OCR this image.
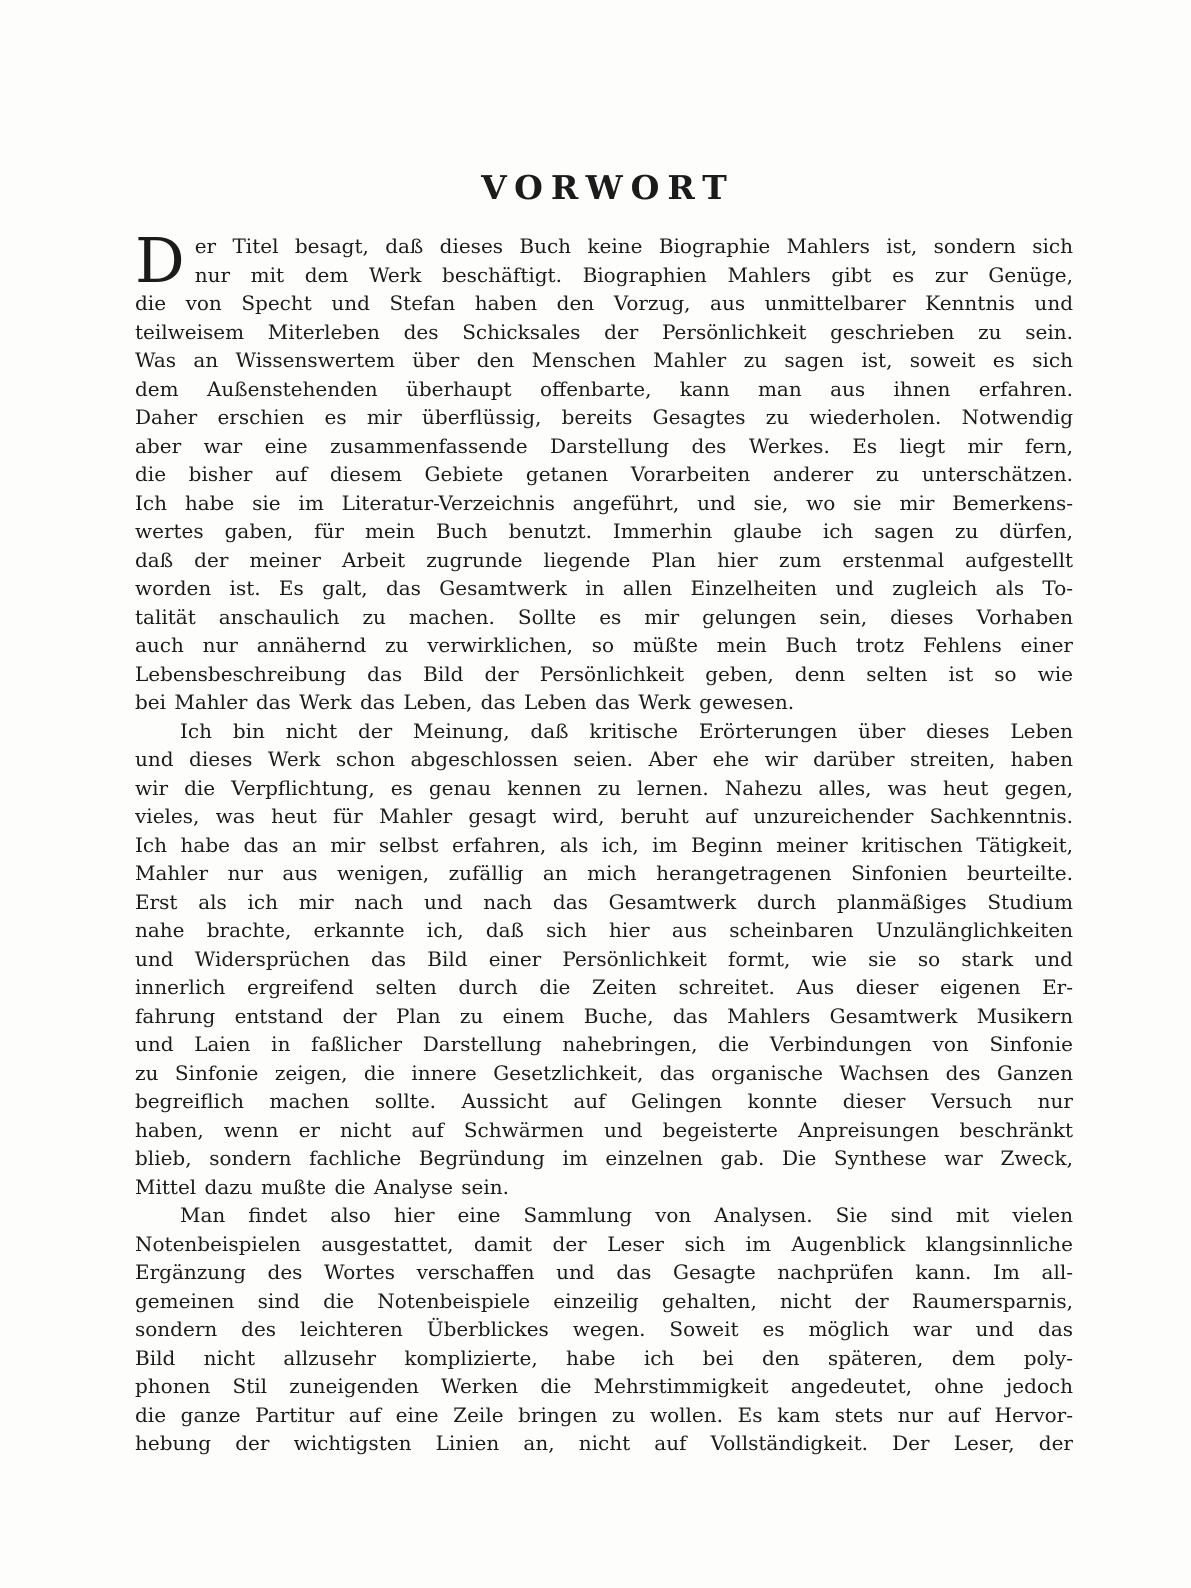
VORWORT
D er Titel besagt, daß dieses Buch keine Biographie Mahlers ist, sondern sich
nur mit dem Werk beschäftigt. Biographien Mahlers gibt es zur Genüge,
die von Specht und Stefan haben den Vorzug, aus unmittelbarer Kenntnis und
teilweisem Miterleben des Schicksales der Persönlichkeit geschrieben zu sein.
Was an Wissenswertem über den Menschen Mahler zu sagen ist, soweit es sich
dem Außenstehenden überhaupt offenbarte, kann man aus ihnen erfahren.
Daher erschien es mir überflüssig, bereits Gesagtes zu wiederholen. Notwendig
aber war eine zusammenfassende Darstellung des Werkes. Es liegt mir fern,
die bisher auf diesem Gebiete getanen Vorarbeiten anderer zu unterschätzen.
Ich habe sie im Literatur-Verzeichnis angeführt, und sie, wo sie mir Bemerkens-
wertes gaben, für mein Buch benutzt. Immerhin glaube ich sagen zu dürfen,
daß der meiner Arbeit zugrunde liegende Plan hier zum erstenmal aufgestellt
worden ist. Es galt, das Gesamtwerk in allen Einzelheiten und zugleich als To-
talität anschaulich zu machen. Sollte es mir gelungen sein, dieses Vorhaben
auch nur annähernd zu verwirklichen, so müßte mein Buch trotz Fehlens einer
Lebensbeschreibung das Bild der Persönlichkeit geben, denn selten ist so wie
bei Mahler das Werk das Leben, das Leben das Werk gewesen.
Ich bin nicht der Meinung, daß kritische Erörterungen über dieses Leben
und dieses Werk schon abgeschlossen seien. Aber ehe wir darüber streiten, haben
wir die Verpflichtung, es genau kennen zu lernen. Nahezu alles, was heut gegen,
vieles, was heut für Mahler gesagt wird, beruht auf unzureichender Sachkenntnis.
Ich habe das an mir selbst erfahren, als ich, im Beginn meiner kritischen Tätigkeit,
Mahler nur aus wenigen, zufällig an mich herangetragenen Sinfonien beurteilte.
Erst als ich mir nach und nach das Gesamtwerk durch planmäßiges Studium
nahe brachte, erkannte ich, daß sich hier aus scheinbaren Unzulänglichkeiten
und Widersprüchen das Bild einer Persönlichkeit formt, wie sie so stark und
innerlich ergreifend selten durch die Zeiten schreitet. Aus dieser eigenen Er-
fahrung entstand der Plan zu einem Buche, das Mahlers Gesamtwerk Musikern
und Laien in faßlicher Darstellung nahebringen, die Verbindungen von Sinfonie
zu Sinfonie zeigen, die innere Gesetzlichkeit, das organische Wachsen des Ganzen
begreiflich machen sollte. Aussicht auf Gelingen konnte dieser Versuch nur
haben, wenn er nicht auf Schwärmen und begeisterte Anpreisungen beschränkt
blieb, sondern fachliche Begründung im einzelnen gab. Die Synthese war Zweck,
Mittel dazu mußte die Analyse sein.
Man findet also hier eine Sammlung von Analysen. Sie sind mit vielen
Notenbeispielen ausgestattet, damit der Leser sich im Augenblick klangsinnliche
Ergänzung des Wortes verschaffen und das Gesagte nachprüfen kann. Im all-
gemeinen sind die Notenbeispiele einzeilig gehalten, nicht der Raumersparnis,
sondern des leichteren Überblickes wegen. Soweit es möglich war und das
Bild nicht allzusehr komplizierte, habe ich bei den späteren, dem poly-
phonen Stil zuneigenden Werken die Mehrstimmigkeit angedeutet, ohne jedoch
die ganze Partitur auf eine Zeile bringen zu wollen. Es kam stets nur auf Hervor-
hebung der wichtigsten Linien an, nicht auf Vollständigkeit. Der Leser, der
